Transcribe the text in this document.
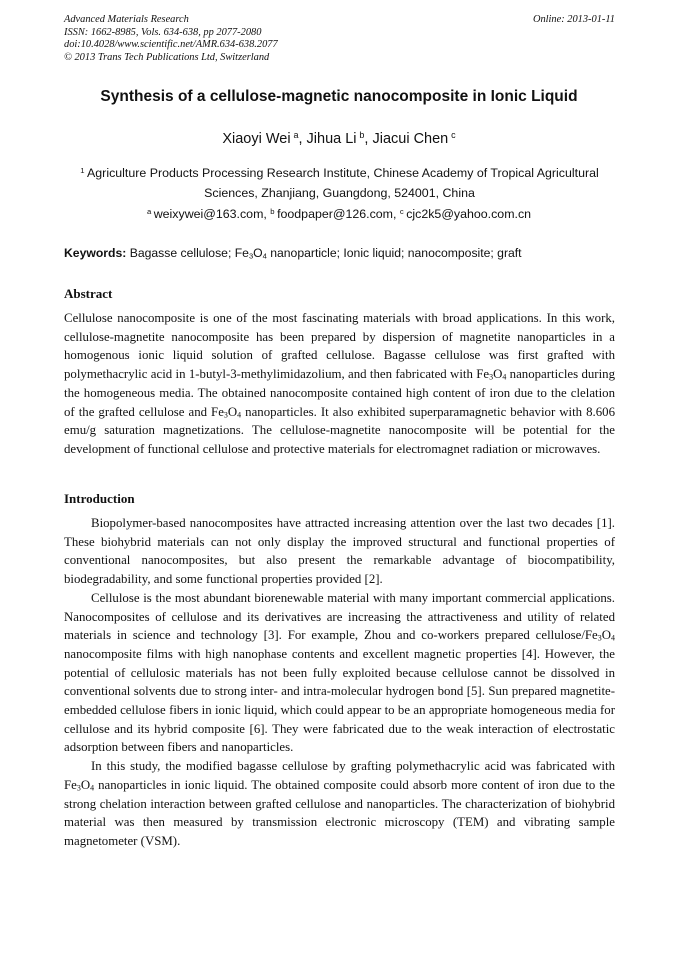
Advanced Materials Research
ISSN: 1662-8985, Vols. 634-638, pp 2077-2080
doi:10.4028/www.scientific.net/AMR.634-638.2077
© 2013 Trans Tech Publications Ltd, Switzerland
Online: 2013-01-11
Synthesis of a cellulose-magnetic nanocomposite in Ionic Liquid
Xiaoyi Wei  $^a$, Jihua Li  $^b$, Jiacui Chen  $^c$
$^1$  Agriculture Products Processing Research Institute, Chinese Academy of Tropical Agricultural
Sciences, Zhanjiang, Guangdong, 524001, China
$^a$  weixywei@163.com, $^b$  foodpaper@126.com, $^c$  cjc2k5@yahoo.com.cn
Keywords: Bagasse cellulose; $Fe_3O_4$ nanoparticle; Ionic liquid; nanocomposite; graft
Abstract

Cellulose nanocomposite is one of the most fascinating materials with broad applications. In this work, cellulose-magnetite nanocomposite has been prepared by dispersion of magnetite nanoparticles in a homogenous ionic liquid solution of grafted cellulose. Bagasse cellulose was first grafted with polymethacrylic acid in 1-butyl-3-methylimidazolium, and then fabricated with $Fe_3O_4$ nanoparticles during the homogeneous media. The obtained nanocomposite contained high content of iron due to the clelation of the grafted cellulose and $Fe_3O_4$ nanoparticles. It also exhibited superparamagnetic behavior with 8.606 emu/g saturation magnetizations. The cellulose-magnetite nanocomposite will be potential for the development of functional cellulose and protective materials for electromagnet radiation or microwaves.

Introduction

Biopolymer-based nanocomposites have attracted increasing attention over the last two decades [1]. These biohybrid materials can not only display the improved structural and functional properties of conventional nanocomposites, but also present the remarkable advantage of biocompatibility, biodegradability, and some functional properties provided [2].

Cellulose is the most abundant biorenewable material with many important commercial applications. Nanocomposites of cellulose and its derivatives are increasing the attractiveness and utility of related materials in science and technology [3]. For example, Zhou and co-workers prepared cellulose/$Fe_3O_4$ nanocomposite films with high nanophase contents and excellent magnetic properties [4]. However, the potential of cellulosic materials has not been fully exploited because cellulose cannot be dissolved in conventional solvents due to strong inter- and intra-molecular hydrogen bond [5]. Sun prepared magnetite-embedded cellulose fibers in ionic liquid, which could appear to be an appropriate homogeneous media for cellulose and its hybrid composite [6]. They were fabricated due to the weak interaction of electrostatic adsorption between fibers and nanoparticles.

In this study, the modified bagasse cellulose by grafting polymethacrylic acid was fabricated with $Fe_3O_4$ nanoparticles in ionic liquid. The obtained composite could absorb more content of iron due to the strong chelation interaction between grafted cellulose and nanoparticles. The characterization of biohybrid material was then measured by transmission electronic microscopy (TEM) and vibrating sample magnetometer (VSM).
